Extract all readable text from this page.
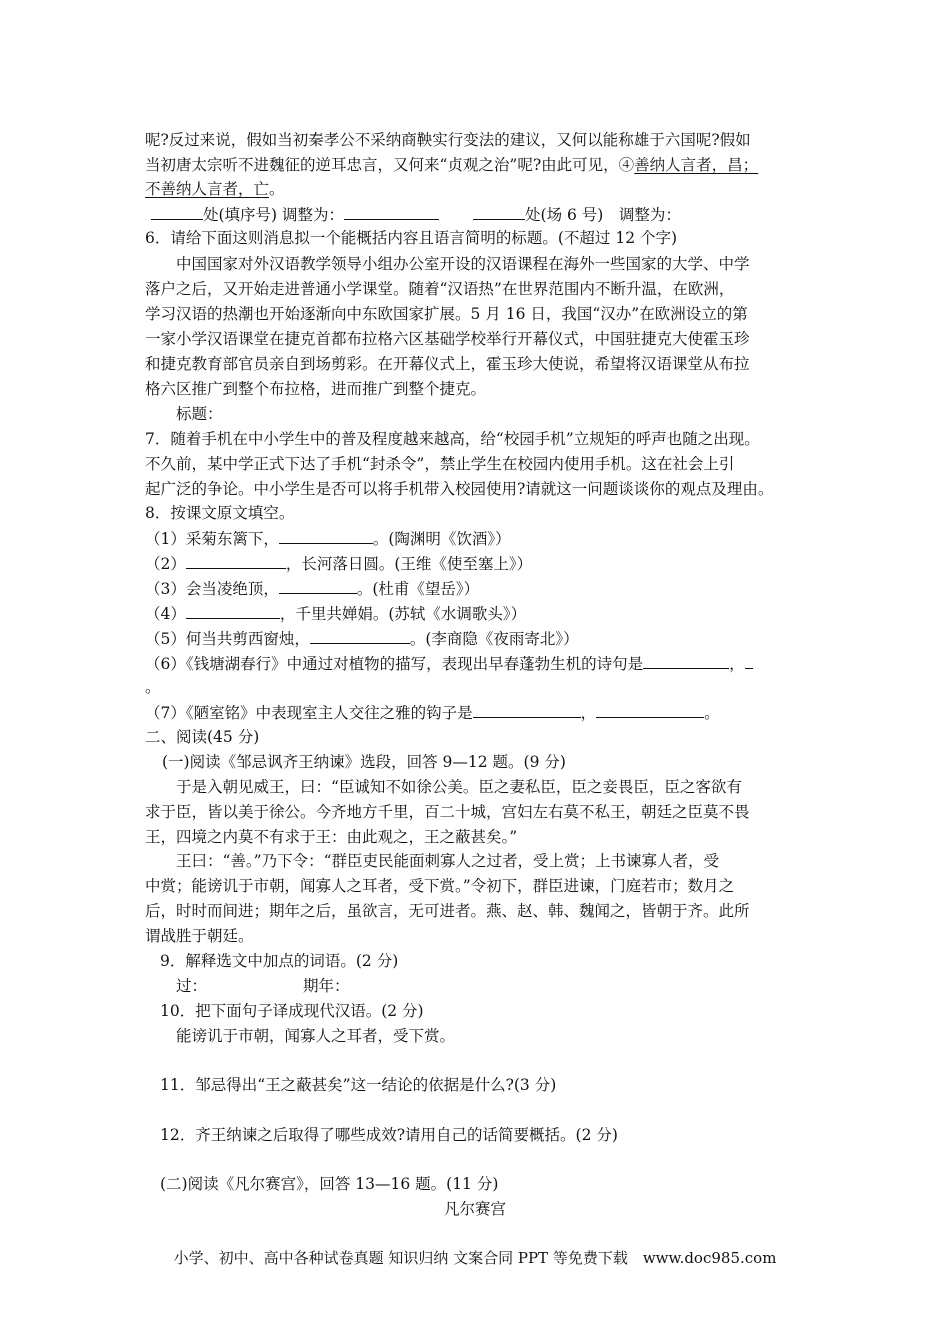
呢?反过来说，假如当初秦孝公不采纳商鞅实行变法的建议，又何以能称雄于六国呢?假如
当初唐太宗听不进魏征的逆耳忠言，又何来“贞观之治”呢?由此可见，④善纳人言者，昌；
不善纳人言者，亡。
处(填序号) 调整为：	处(场 6 号)　调整为：
6．请给下面这则消息拟一个能概括内容且语言简明的标题。(不超过 12 个字)
中国国家对外汉语教学领导小组办公室开设的汉语课程在海外一些国家的大学、中学
落户之后，又开始走进普通小学课堂。随着“汉语热”在世界范围内不断升温，在欧洲，
学习汉语的热潮也开始逐渐向中东欧国家扩展。5 月 16 日，我国“汉办”在欧洲设立的第
一家小学汉语课堂在捷克首都布拉格六区基础学校举行开幕仪式，中国驻捷克大使霍玉珍
和捷克教育部官员亲自到场剪彩。在开幕仪式上，霍玉珍大使说，希望将汉语课堂从布拉
格六区推广到整个布拉格，进而推广到整个捷克。
标题：
7．随着手机在中小学生中的普及程度越来越高，给“校园手机”立规矩的呼声也随之出现。
不久前，某中学正式下达了手机“封杀令”，禁止学生在校园内使用手机。这在社会上引
起广泛的争论。中小学生是否可以将手机带入校园使用?请就这一问题谈谈你的观点及理由。
8．按课文原文填空。
（1）采菊东篱下，	。(陶渊明《饮酒》）
（2）	，长河落日圆。(王维《使至塞上》）
（3）会当凌绝顶，	。(杜甫《望岳》）
（4）	，千里共婵娟。(苏轼《水调歌头》）
（5）何当共剪西窗烛，	。(李商隐《夜雨寄北》）
（6）《钱塘湖春行》中通过对植物的描写，表现出早春蓬勃生机的诗句是	，
。
（7）《陋室铭》中表现室主人交往之雅的钩子是	，	。
二、阅读(45 分)
(一)阅读《邹忌讽齐王纳谏》选段，回答 9—12 题。(9 分)
于是入朝见威王，曰：“臣诚知不如徐公美。臣之妻私臣，臣之妾畏臣，臣之客欲有
求于臣，皆以美于徐公。今齐地方千里，百二十城，宫妇左右莫不私王，朝廷之臣莫不畏
王，四境之内莫不有求于王：由此观之，王之蔽甚矣。”
王曰：“善。”乃下令：“群臣吏民能面刺寡人之过者，受上赏；上书谏寡人者，受
中赏；能谤讥于市朝，闻寡人之耳者，受下赏。”令初下，群臣进谏，门庭若市；数月之
后，时时而间进；期年之后，虽欲言，无可进者。燕、赵、韩、魏闻之，皆朝于齐。此所
谓战胜于朝廷。
9．解释选文中加点的词语。(2 分)
过：	期年：
10．把下面句子译成现代汉语。(2 分)
能谤讥于市朝，闻寡人之耳者，受下赏。
11．邹忌得出“王之蔽甚矣”这一结论的依据是什么?(3 分)
12．齐王纳谏之后取得了哪些成效?请用自己的话简要概括。(2 分)
(二)阅读《凡尔赛宫》，回答 13—16 题。(11 分)
凡尔赛宫
小学、初中、高中各种试卷真题 知识归纳 文案合同 PPT 等免费下载　www.doc985.com
